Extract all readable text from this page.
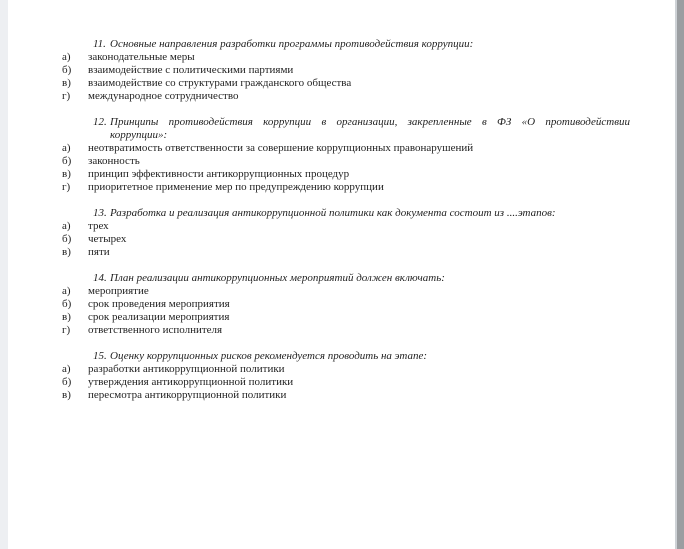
11. Основные направления разработки программы противодействия коррупции:

а) законодательные меры
б) взаимодействие с политическими партиями
в) взаимодействие со структурами гражданского общества
г) международное сотрудничество
12. Принципы противодействия коррупции в организации, закрепленные в ФЗ «О противодействии
коррупции»:
а) неотвратимость ответственности за совершение коррупционных правонарушений
б) законность
в) принцип эффективности антикоррупционных процедур
г) приоритетное применение мер по предупреждению коррупции

13. Разработка и реализация антикоррупционной политики как документа состоит из ....этапов:

а) трех
б) четырех
в) пяти

14. План реализации антикоррупционных мероприятий должен включать:

а) мероприятие
б) срок проведения мероприятия
в) срок реализации мероприятия
г) ответственного исполнителя

15. Оценку коррупционных рисков рекомендуется проводить на этапе:

а) разработки антикоррупционной политики
б) утверждения антикоррупционной политики
в) пересмотра антикоррупционной политики
